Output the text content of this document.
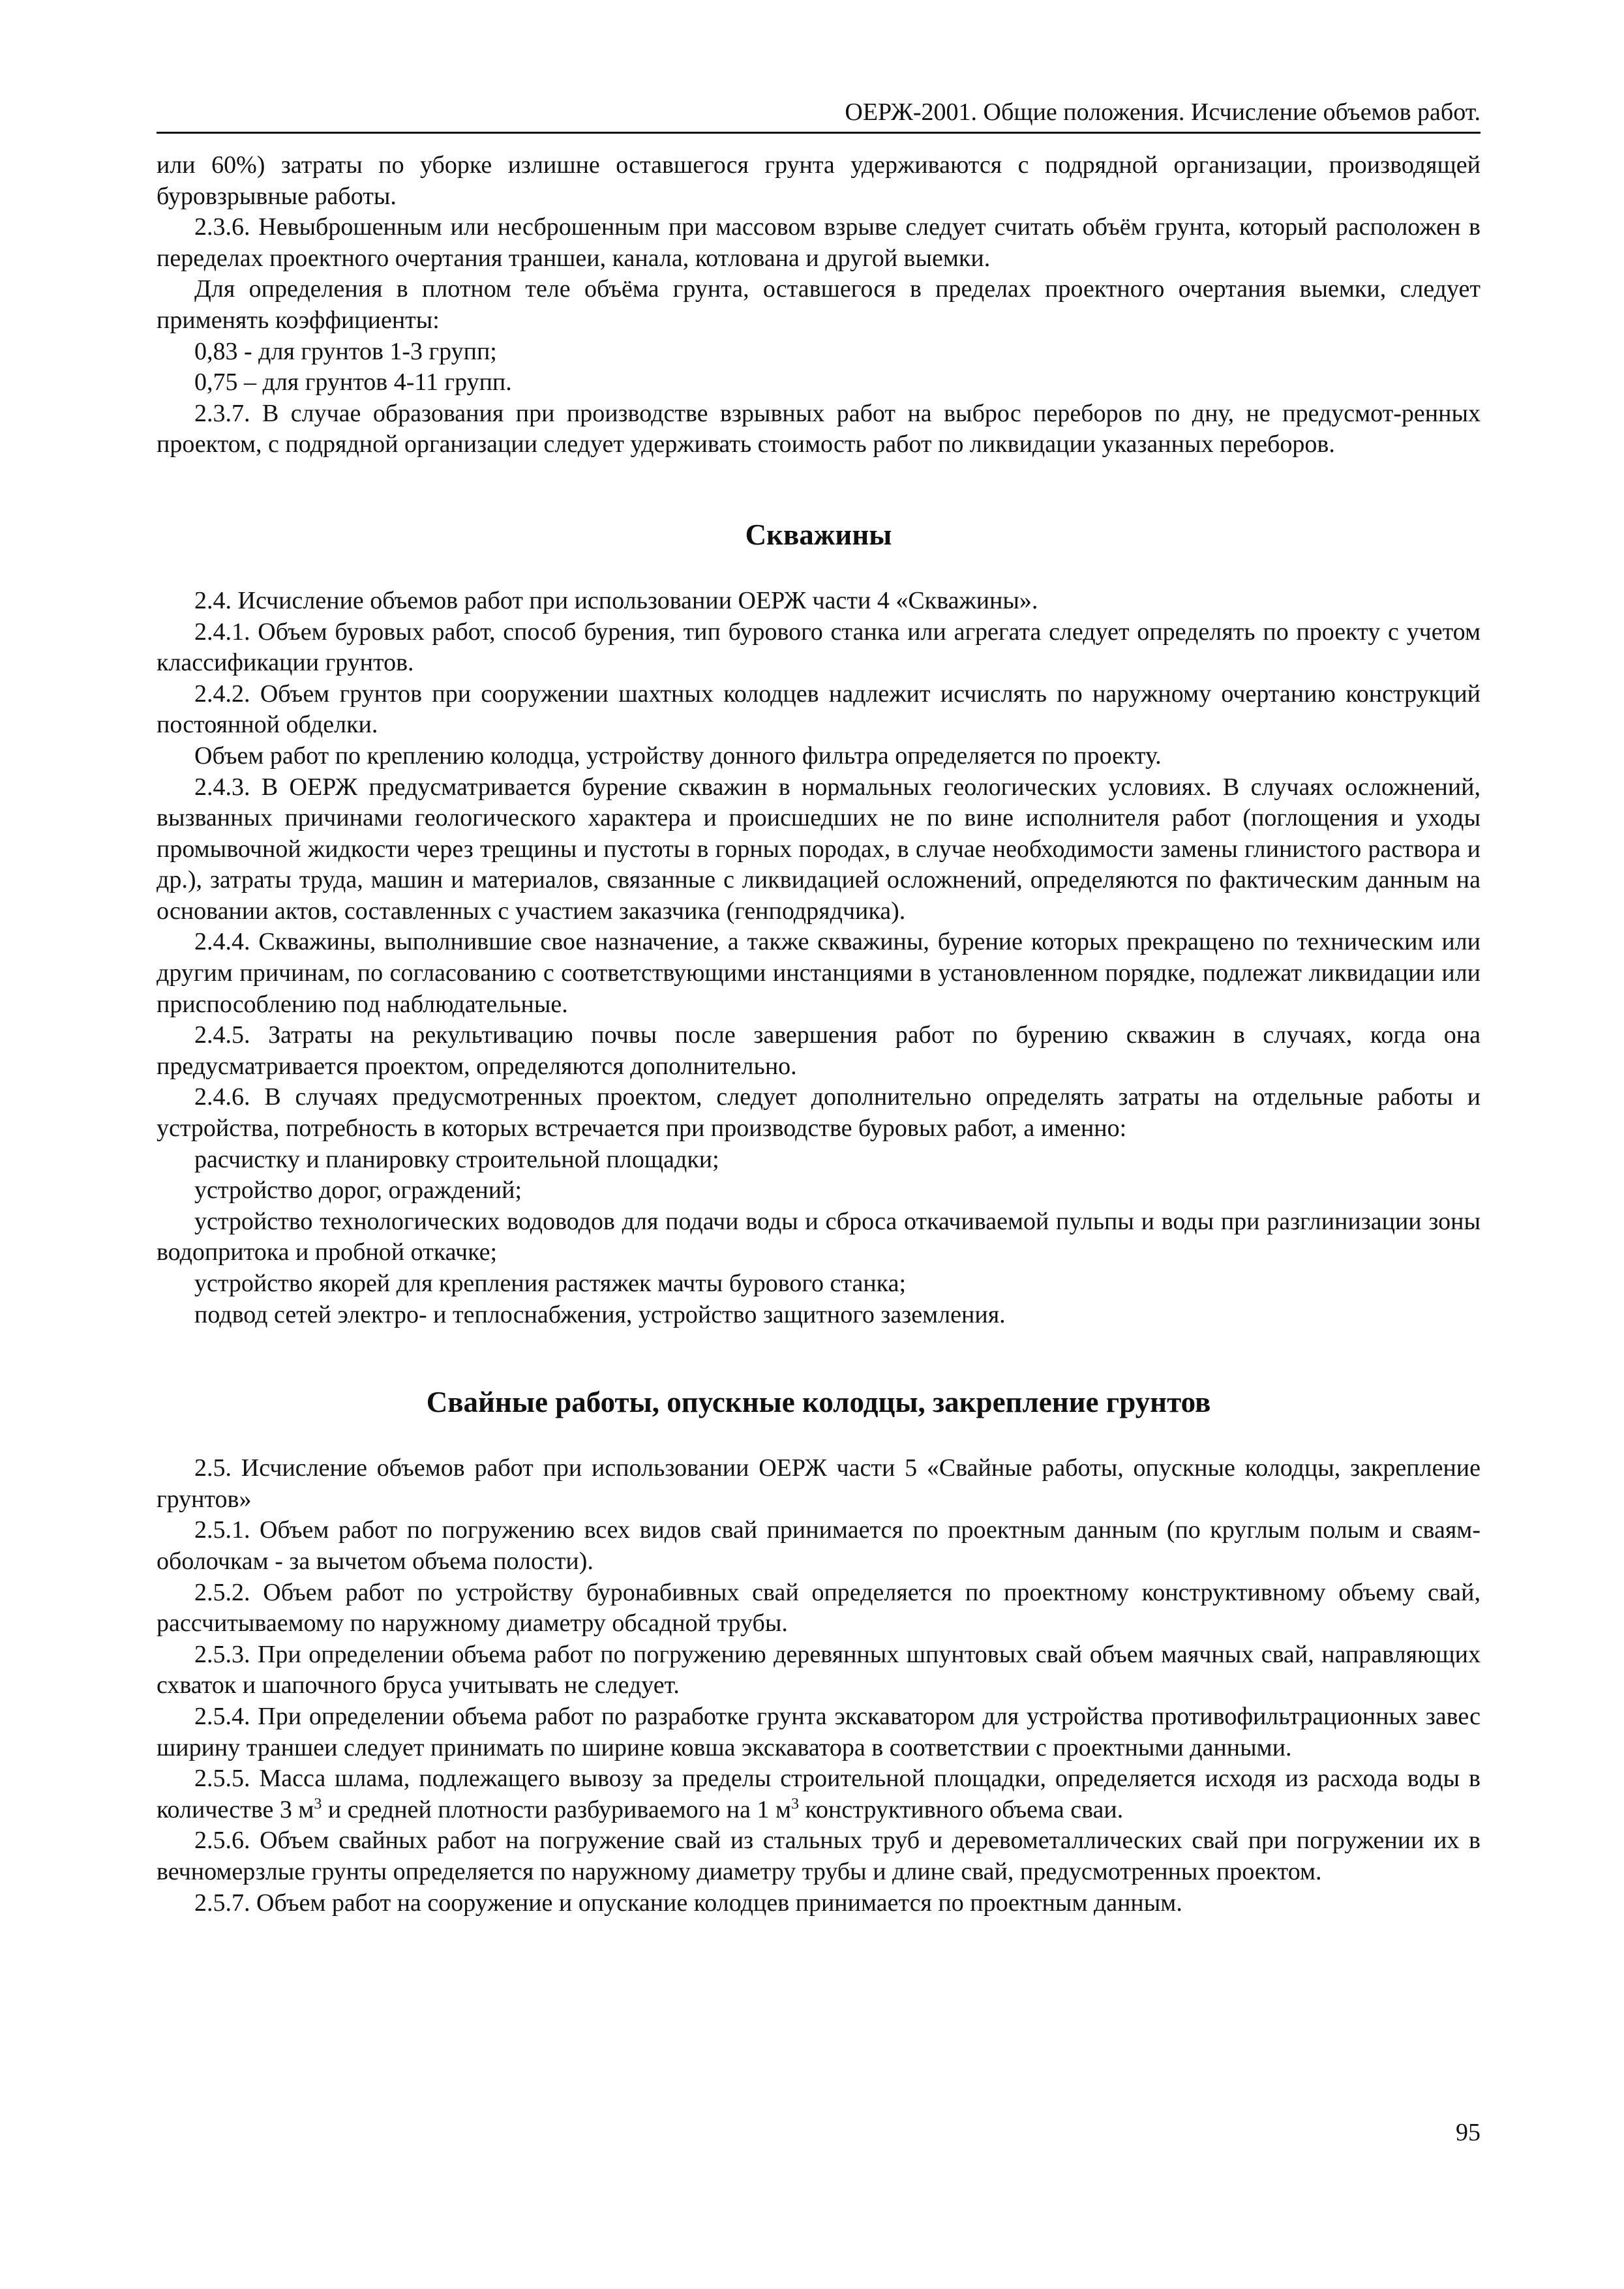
ОЕРЖ-2001. Общие положения. Исчисление объемов работ.

или 60%) затраты по уборке излишне оставшегося грунта удерживаются с подрядной организации, производящей буровзрывные работы.

2.3.6. Невыброшенным или несброшенным при массовом взрыве следует считать объём грунта, который расположен в переделах проектного очертания траншеи, канала, котлована и другой выемки.

Для определения в плотном теле объёма грунта, оставшегося в пределах проектного очертания выемки, следует применять коэффициенты:

0,83 - для грунтов 1-3 групп;

0,75 – для грунтов 4-11 групп.

2.3.7. В случае образования при производстве взрывных работ на выброс переборов по дну, не предусмот-ренных проектом, с подрядной организации следует удерживать стоимость работ по ликвидации указанных переборов.

Скважины

2.4. Исчисление объемов работ при использовании ОЕРЖ части 4 «Скважины».

2.4.1. Объем буровых работ, способ бурения, тип бурового станка или агрегата следует определять по проекту с учетом классификации грунтов.

2.4.2. Объем грунтов при сооружении шахтных колодцев надлежит исчислять по наружному очертанию конструкций постоянной обделки.

Объем работ по креплению колодца, устройству донного фильтра определяется по проекту.

2.4.3. В ОЕРЖ предусматривается бурение скважин в нормальных геологических условиях. В случаях осложнений, вызванных причинами геологического характера и происшедших не по вине исполнителя работ (поглощения и уходы промывочной жидкости через трещины и пустоты в горных породах, в случае необходимости замены глинистого раствора и др.), затраты труда, машин и материалов, связанные с ликвидацией осложнений, определяются по фактическим данным на основании актов, составленных с участием заказчика (генподрядчика).

2.4.4. Скважины, выполнившие свое назначение, а также скважины, бурение которых прекращено по техническим или другим причинам, по согласованию с соответствующими инстанциями в установленном порядке, подлежат ликвидации или приспособлению под наблюдательные.

2.4.5. Затраты на рекультивацию почвы после завершения работ по бурению скважин в случаях, когда она предусматривается проектом, определяются дополнительно.

2.4.6. В случаях предусмотренных проектом, следует дополнительно определять затраты на отдельные работы и устройства, потребность в которых встречается при производстве буровых работ, а именно:

расчистку и планировку строительной площадки;

устройство дорог, ограждений;

устройство технологических водоводов для подачи воды и сброса откачиваемой пульпы и воды при разглинизации зоны водопритока и пробной откачке;

устройство якорей для крепления растяжек мачты бурового станка;

подвод сетей электро- и теплоснабжения, устройство защитного заземления.

Свайные работы, опускные колодцы, закрепление грунтов

2.5. Исчисление объемов работ при использовании ОЕРЖ части 5 «Свайные работы, опускные колодцы, закрепление грунтов»

2.5.1. Объем работ по погружению всех видов свай принимается по проектным данным (по круглым полым и сваям-оболочкам - за вычетом объема полости).

2.5.2. Объем работ по устройству буронабивных свай определяется по проектному конструктивному объему свай, рассчитываемому по наружному диаметру обсадной трубы.

2.5.3. При определении объема работ по погружению деревянных шпунтовых свай объем маячных свай, направляющих схваток и шапочного бруса учитывать не следует.

2.5.4. При определении объема работ по разработке грунта экскаватором для устройства противофильтрационных завес ширину траншеи следует принимать по ширине ковша экскаватора в соответствии с проектными данными.

2.5.5. Масса шлама, подлежащего вывозу за пределы строительной площадки, определяется исходя из расхода воды в количестве 3 $м^3$ и средней плотности разбуриваемого на 1 $м^3$ конструктивного объема сваи.

2.5.6. Объем свайных работ на погружение свай из стальных труб и деревометаллических свай при погружении их в вечномерзлые грунты определяется по наружному диаметру трубы и длине свай, предусмотренных проектом.

2.5.7. Объем работ на сооружение и опускание колодцев принимается по проектным данным.

95
